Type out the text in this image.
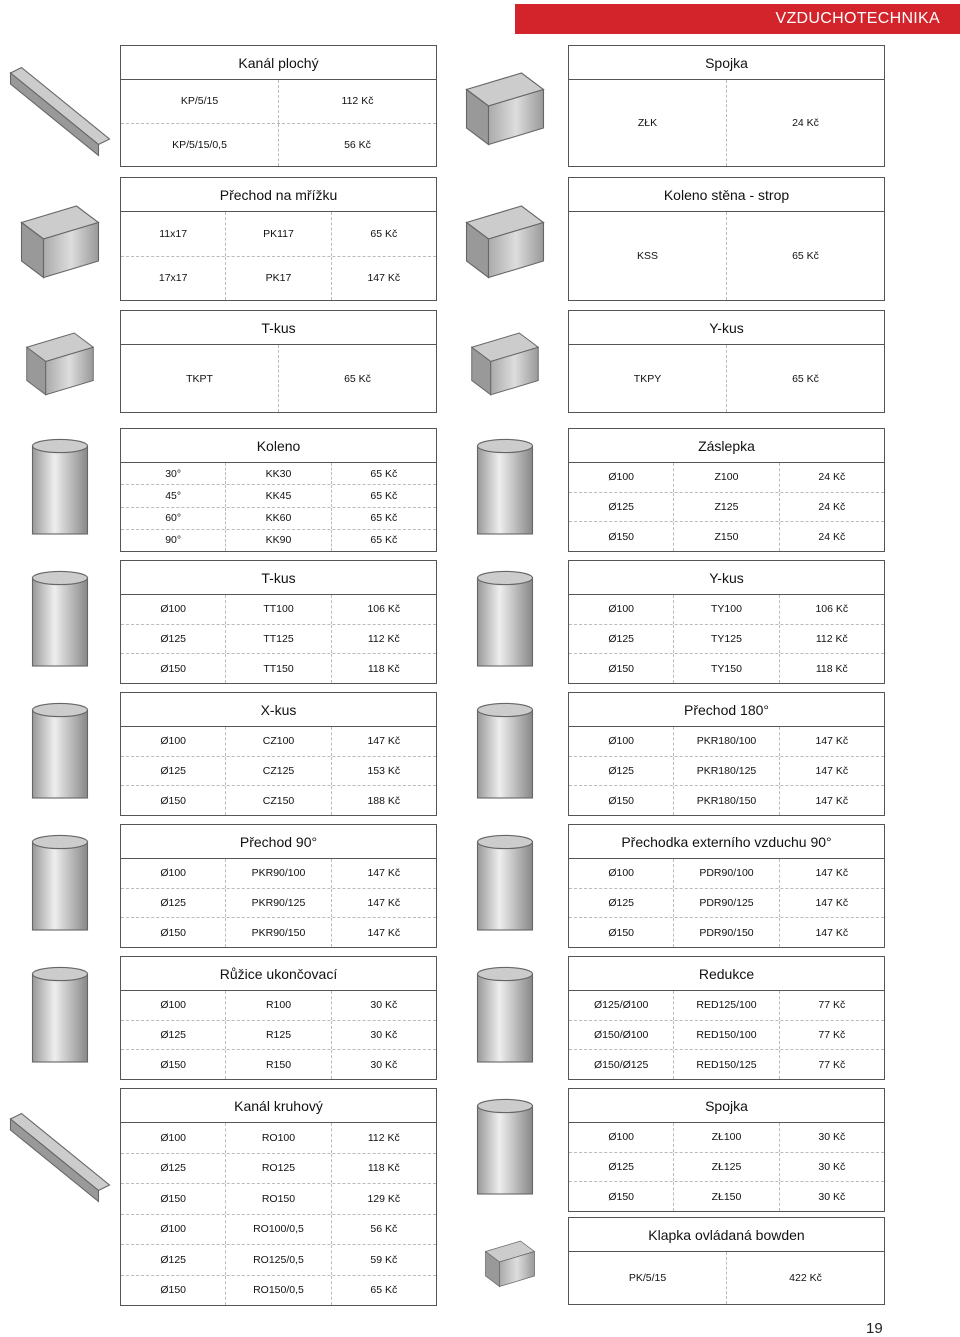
VZDUCHOTECHNIKA
Kanál plochý
KP/5/15	112 Kč
KP/5/15/0,5	56 Kč
Spojka
ZŁK	24 Kč
Přechod na mřížku
11x17	PK117	65 Kč
17x17	PK17	147 Kč
Koleno stěna - strop
KSS	65 Kč
T-kus
TKPT	65 Kč
Y-kus
TKPY	65 Kč
Koleno
30°	KK30	65 Kč
45°	KK45	65 Kč
60°	KK60	65 Kč
90°	KK90	65 Kč
Záslepka
Ø100	Z100	24 Kč
Ø125	Z125	24 Kč
Ø150	Z150	24 Kč
T-kus
Ø100	TT100	106 Kč
Ø125	TT125	112 Kč
Ø150	TT150	118 Kč
Y-kus
Ø100	TY100	106 Kč
Ø125	TY125	112 Kč
Ø150	TY150	118 Kč
X-kus
Ø100	CZ100	147 Kč
Ø125	CZ125	153 Kč
Ø150	CZ150	188 Kč
Přechod 180°
Ø100	PKR180/100	147 Kč
Ø125	PKR180/125	147 Kč
Ø150	PKR180/150	147 Kč
Přechod 90°
Ø100	PKR90/100	147 Kč
Ø125	PKR90/125	147 Kč
Ø150	PKR90/150	147 Kč
Přechodka externího vzduchu 90°
Ø100	PDR90/100	147 Kč
Ø125	PDR90/125	147 Kč
Ø150	PDR90/150	147 Kč
Růžice ukončovací
Ø100	R100	30 Kč
Ø125	R125	30 Kč
Ø150	R150	30 Kč
Redukce
Ø125/Ø100	RED125/100	77 Kč
Ø150/Ø100	RED150/100	77 Kč
Ø150/Ø125	RED150/125	77 Kč
Kanál kruhový
Ø100	RO100	112 Kč
Ø125	RO125	118 Kč
Ø150	RO150	129 Kč
Ø100	RO100/0,5	56 Kč
Ø125	RO125/0,5	59 Kč
Ø150	RO150/0,5	65 Kč
Spojka
Ø100	ZŁ100	30 Kč
Ø125	ZŁ125	30 Kč
Ø150	ZŁ150	30 Kč
Klapka ovládaná bowden
PK/5/15	422 Kč
19
